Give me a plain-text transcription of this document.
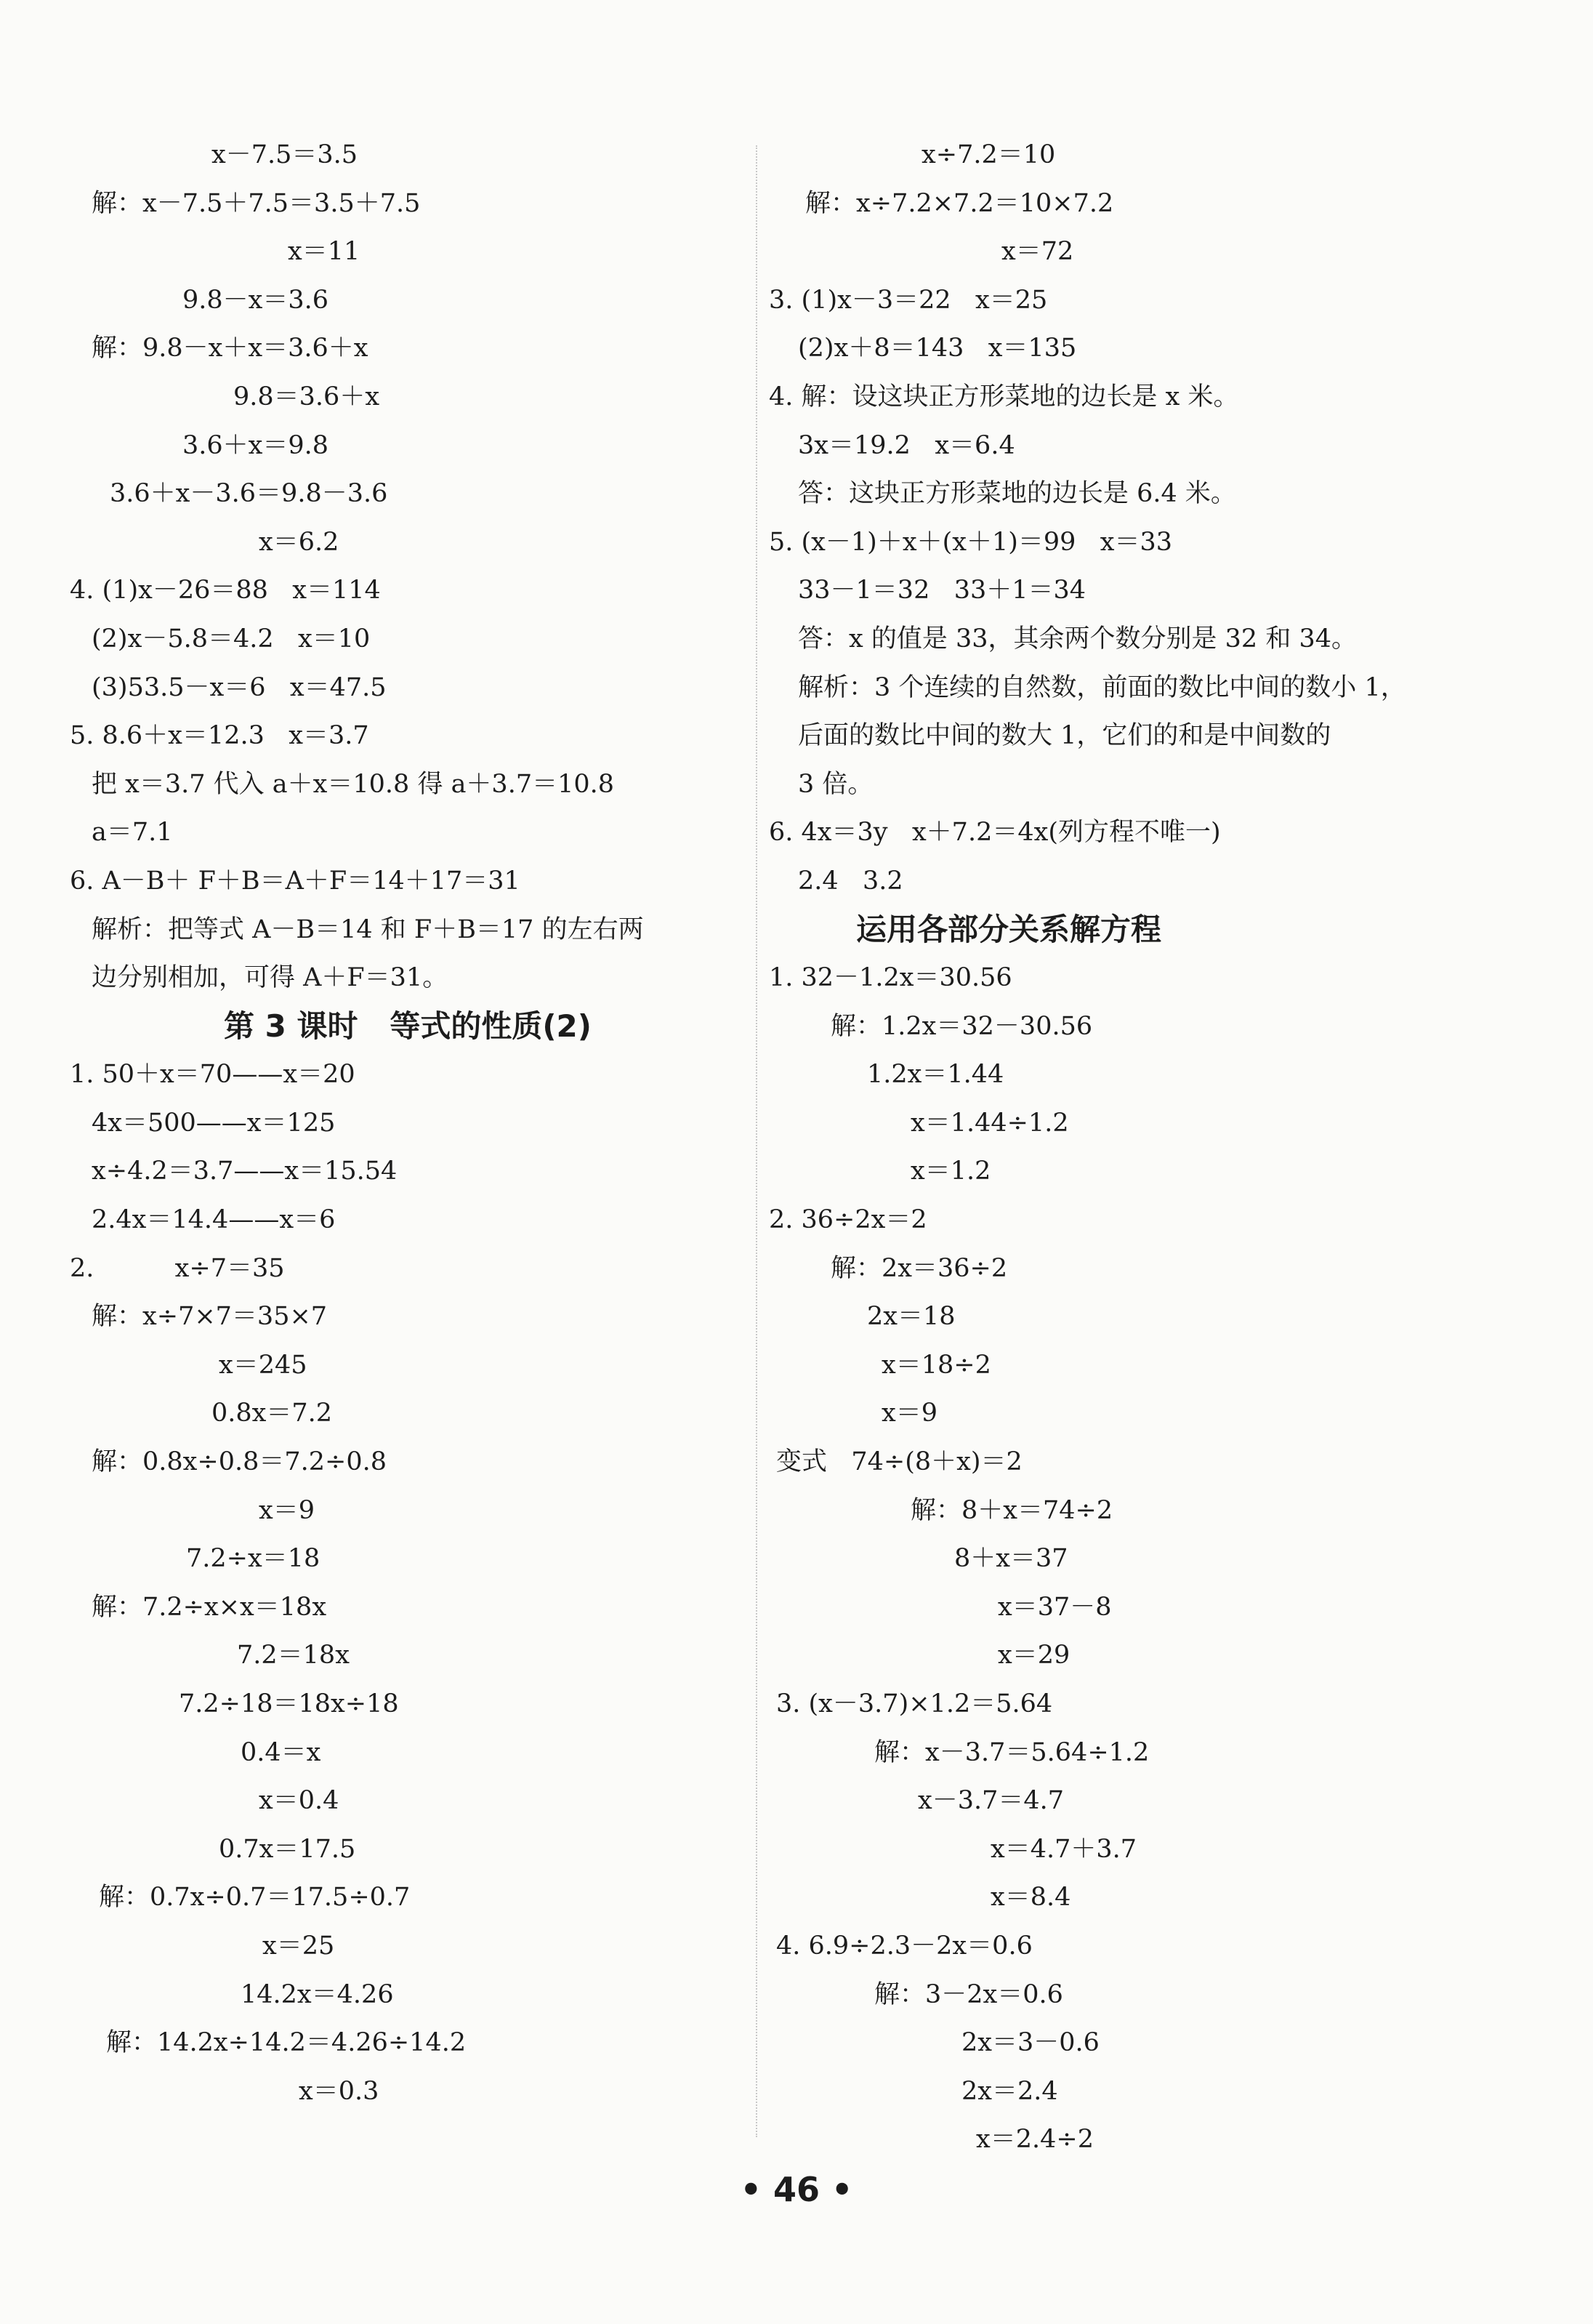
x－7.5＝3.5
解：x－7.5＋7.5＝3.5＋7.5
x＝11
9.8－x＝3.6
解：9.8－x＋x＝3.6＋x
9.8＝3.6＋x
3.6＋x＝9.8
3.6＋x－3.6＝9.8－3.6
x＝6.2
4. (1)x－26＝88   x＝114
(2)x－5.8＝4.2   x＝10
(3)53.5－x＝6   x＝47.5
5. 8.6＋x＝12.3   x＝3.7
把 x＝3.7 代入 a＋x＝10.8 得 a＋3.7＝10.8
a＝7.1
6. A－B＋ F＋B＝A＋F＝14＋17＝31
解析：把等式 A－B＝14 和 F＋B＝17 的左右两
边分别相加，可得 A＋F＝31。
第 3 课时   等式的性质(2)
1. 50＋x＝70——x＝20
4x＝500——x＝125
x÷4.2＝3.7——x＝15.54
2.4x＝14.4——x＝6
2.          x÷7＝35
解：x÷7×7＝35×7
x＝245
0.8x＝7.2
解：0.8x÷0.8＝7.2÷0.8
x＝9
7.2÷x＝18
解：7.2÷x×x＝18x
7.2＝18x
7.2÷18＝18x÷18
0.4＝x
x＝0.4
0.7x＝17.5
解：0.7x÷0.7＝17.5÷0.7
x＝25
14.2x＝4.26
解：14.2x÷14.2＝4.26÷14.2
x＝0.3
x÷7.2＝10
解：x÷7.2×7.2＝10×7.2
x＝72
3. (1)x－3＝22   x＝25
(2)x＋8＝143   x＝135
4. 解：设这块正方形菜地的边长是 x 米。
3x＝19.2   x＝6.4
答：这块正方形菜地的边长是 6.4 米。
5. (x－1)＋x＋(x＋1)＝99   x＝33
33－1＝32   33＋1＝34
答：x 的值是 33，其余两个数分别是 32 和 34。
解析：3 个连续的自然数，前面的数比中间的数小 1，
后面的数比中间的数大 1，它们的和是中间数的
3 倍。
6. 4x＝3y   x＋7.2＝4x(列方程不唯一)
2.4   3.2
运用各部分关系解方程
1. 32－1.2x＝30.56
解：1.2x＝32－30.56
1.2x＝1.44
x＝1.44÷1.2
x＝1.2
2. 36÷2x＝2
解：2x＝36÷2
2x＝18
x＝18÷2
x＝9
变式   74÷(8＋x)＝2
解：8＋x＝74÷2
8＋x＝37
x＝37－8
x＝29
3. (x－3.7)×1.2＝5.64
解：x－3.7＝5.64÷1.2
x－3.7＝4.7
x＝4.7＋3.7
x＝8.4
4. 6.9÷2.3－2x＝0.6
解：3－2x＝0.6
2x＝3－0.6
2x＝2.4
x＝2.4÷2
• 46 •
